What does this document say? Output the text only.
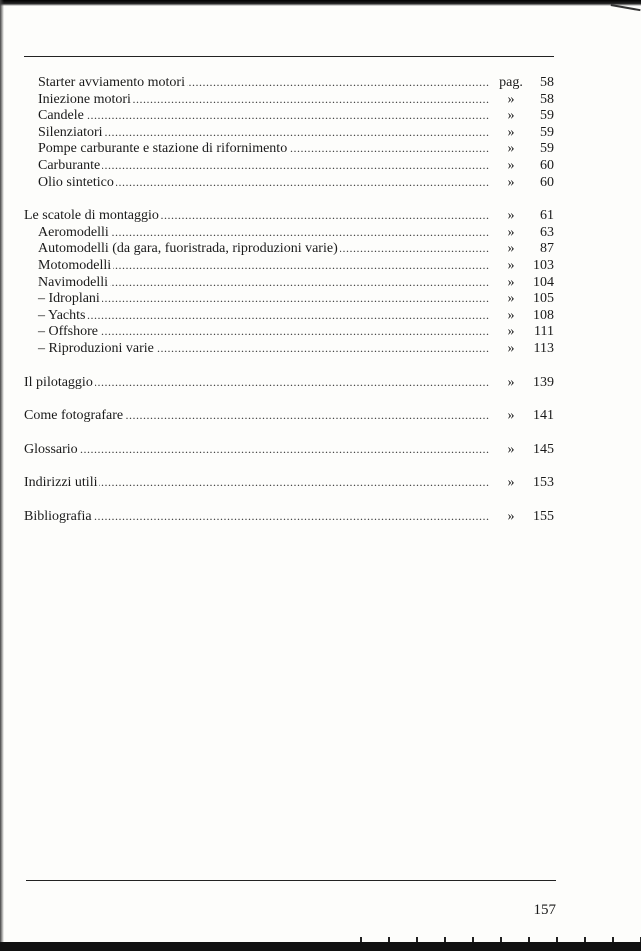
.....
Starter avviamento motori	pag.	58
.....
Iniezione motori	»	58
.....
Candele	»	59
.....
Silenziatori	»	59
.....
Pompe carburante e stazione di rifornimento	»	59
.....
Carburante	»	60
.....
Olio sintetico	»	60
.....
Le scatole di montaggio	»	61
.....
Aeromodelli	»	63
.....
Automodelli (da gara, fuoristrada, riproduzioni varie)	»	87
.....
Motomodelli	»	103
.....
Navimodelli	»	104
.....
– Idroplani	»	105
.....
– Yachts	»	108
.....
– Offshore	»	111
.....
– Riproduzioni varie	»	113
.....
Il pilotaggio	»	139
.....
Come fotografare	»	141
.....
Glossario	»	145
.....
Indirizzi utili	»	153
.....
Bibliografia	»	155
157
